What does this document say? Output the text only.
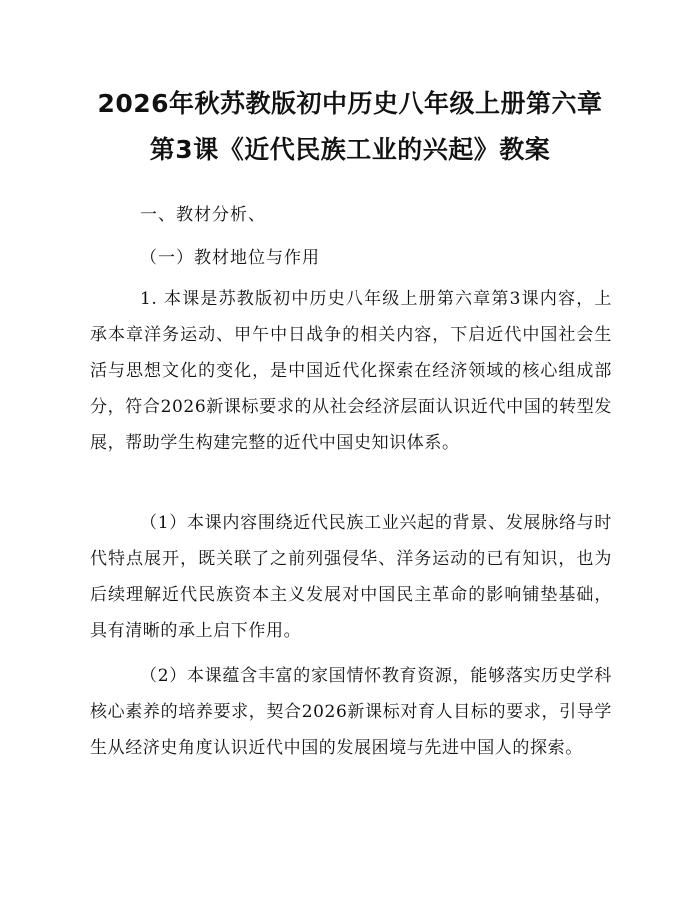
2026年秋苏教版初中历史八年级上册第六章
第3课《近代民族工业的兴起》教案
一、教材分析、
（一）教材地位与作用

1. 本课是苏教版初中历史八年级上册第六章第3课内容，上承本章洋务运动、甲午中日战争的相关内容，下启近代中国社会生活与思想文化的变化，是中国近代化探索在经济领域的核心组成部分，符合2026新课标要求的从社会经济层面认识近代中国的转型发展，帮助学生构建完整的近代中国史知识体系。

（1）本课内容围绕近代民族工业兴起的背景、发展脉络与时代特点展开，既关联了之前列强侵华、洋务运动的已有知识，也为后续理解近代民族资本主义发展对中国民主革命的影响铺垫基础，具有清晰的承上启下作用。

（2）本课蕴含丰富的家国情怀教育资源，能够落实历史学科核心素养的培养要求，契合2026新课标对育人目标的要求，引导学生从经济史角度认识近代中国的发展困境与先进中国人的探索。
